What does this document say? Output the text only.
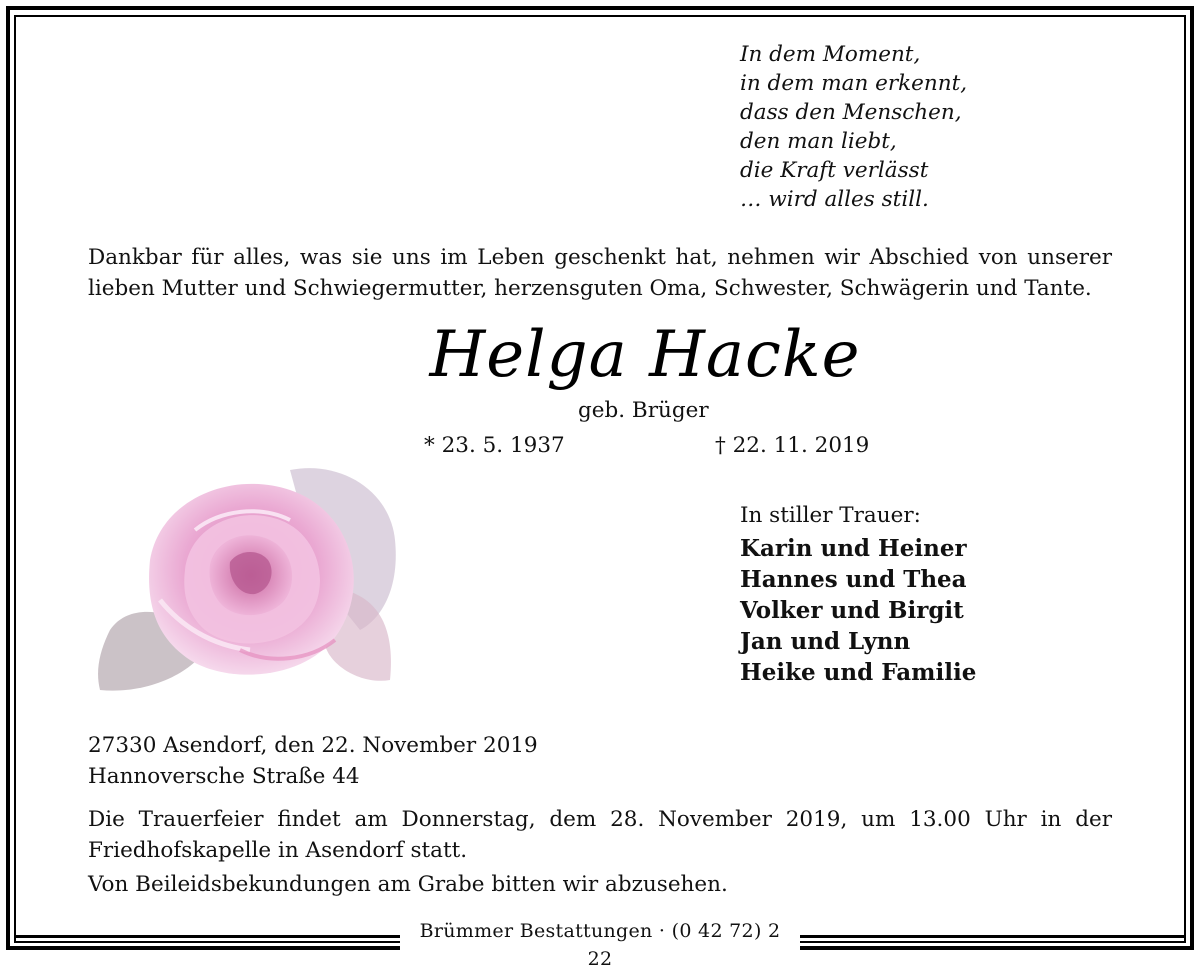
In dem Moment,
in dem man erkennt,
dass den Menschen,
den man liebt,
die Kraft verlässt
… wird alles still.
Dankbar für alles, was sie uns im Leben geschenkt hat, nehmen wir Abschied von unserer lieben Mutter und Schwiegermutter, herzensguten Oma, Schwester, Schwägerin und Tante.
Helga Hacke
geb. Brüger
* 23. 5. 1937	† 22. 11. 2019
In stiller Trauer:
Karin und Heiner
Hannes und Thea
Volker und Birgit
Jan und Lynn
Heike und Familie
27330 Asendorf, den 22. November 2019
Hannoversche Straße 44
Die Trauerfeier findet am Donnerstag, dem 28. November 2019, um 13.00 Uhr in der Friedhofskapelle in Asendorf statt.
Von Beileidsbekundungen am Grabe bitten wir abzusehen.
Brümmer Bestattungen · (0 42 72) 2 22
